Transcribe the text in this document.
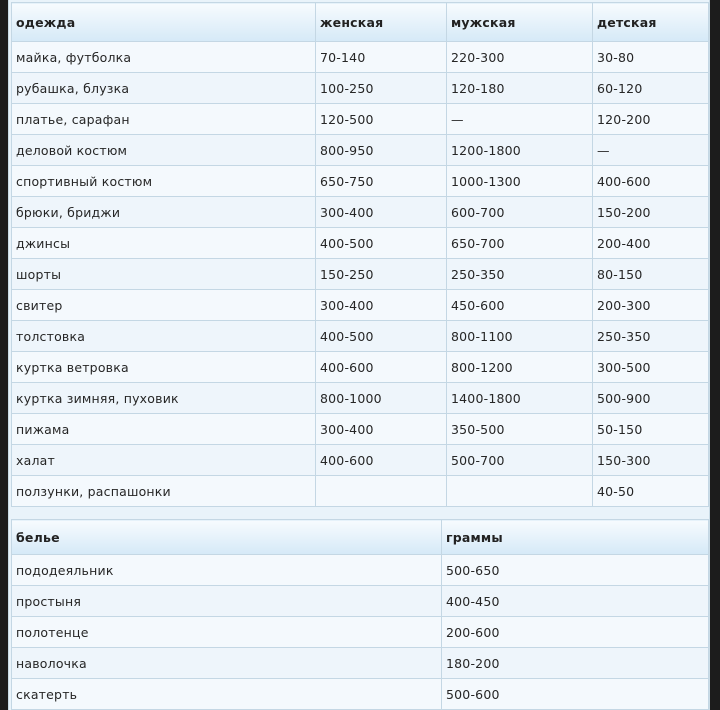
одежда	женская	мужская	детская
майка, футболка	70-140	220-300	30-80
рубашка, блузка	100-250	120-180	60-120
платье, сарафан	120-500	—	120-200
деловой костюм	800-950	1200-1800	—
спортивный костюм	650-750	1000-1300	400-600
брюки, бриджи	300-400	600-700	150-200
джинсы	400-500	650-700	200-400
шорты	150-250	250-350	80-150
свитер	300-400	450-600	200-300
толстовка	400-500	800-1100	250-350
куртка ветровка	400-600	800-1200	300-500
куртка зимняя, пуховик	800-1000	1400-1800	500-900
пижама	300-400	350-500	50-150
халат	400-600	500-700	150-300
ползунки, распашонки			40-50
белье	граммы
пододеяльник	500-650
простыня	400-450
полотенце	200-600
наволочка	180-200
скатерть	500-600
